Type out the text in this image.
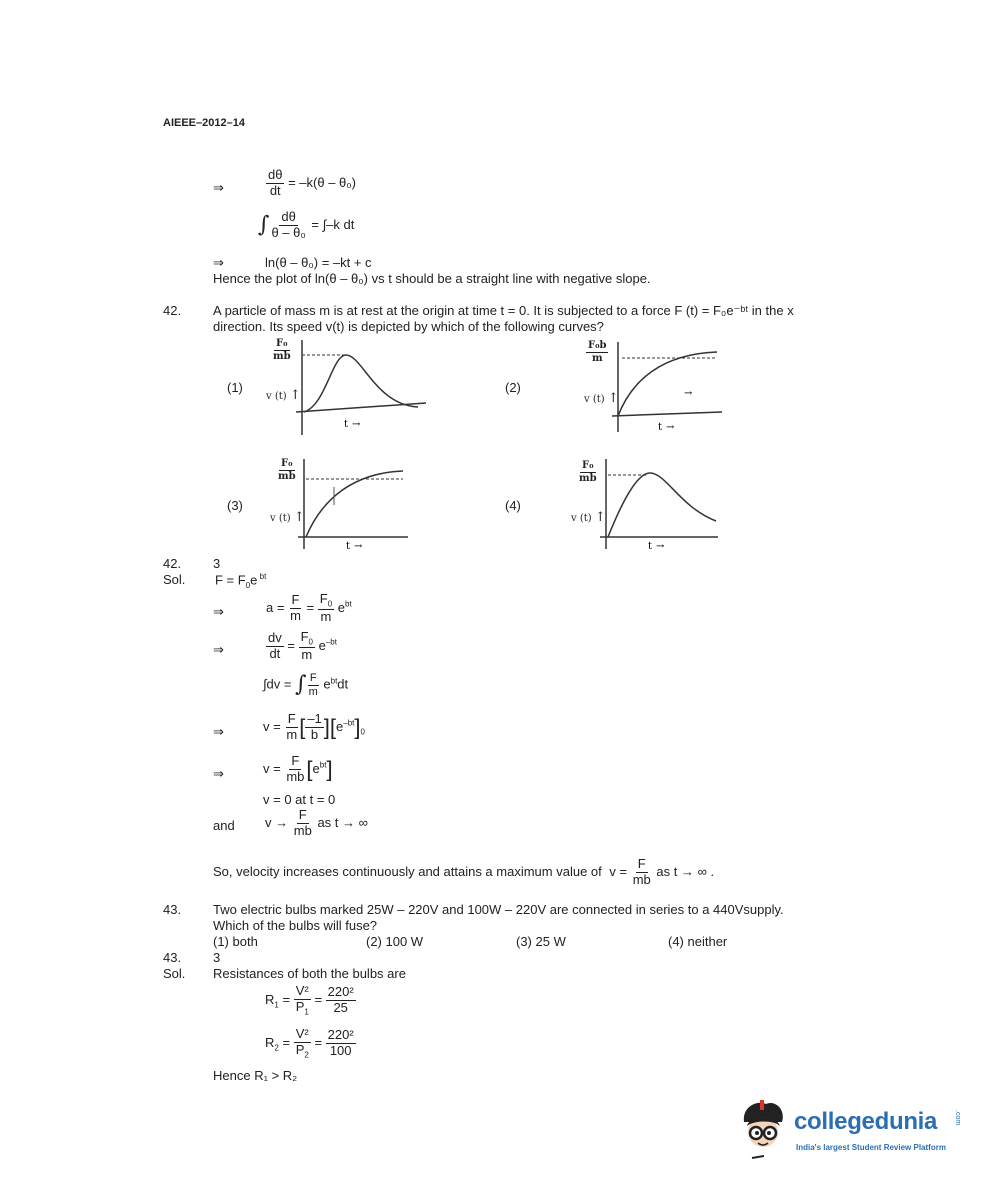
AIEEE–2012–14
⇒	$\frac{d\theta}{dt} = -k(\theta - \theta_0)$
∫ $\frac{d\theta}{\text{θ – θ₀}} = \int-k$ dt
⇒	ln(θ – θ₀) = –kt + c
Hence the plot of ln(θ – θ₀) vs t should be a straight line with negative slope.
42. A particle of mass m is at rest at the origin at time t = 0. It is subjected to a force F (t) = F₀e⁻ᵇᵗ in the x
direction. Its speed v(t) is depicted by which of the following curves?
(1)
$\frac{\text{F₀}}{mb}$
v (t) ↑
t →
(2)
$\frac{\text{F₀b}}{m}$
v (t) ↑	→
t →
(3)
$\frac{\text{F₀}}{mb}$
v (t) ↑
t →
(4)
$\frac{\text{F₀}}{mb}$
v (t) ↑
t →
42. 3
Sol. $F = F_0e$ $^{bt}$
⇒	$a = \frac{F}{m} = \frac{F_0}{m} e^{bt}$
⇒	$\frac{dv}{dt} = \frac{F_0}{m} e^{-bt}$
∫dv = ∫ $\frac{F}{m} e^{bt}dt$
⇒	$v = \frac{F}{m}$ [ $\frac{-1}{b} ][e^{-bt}]_0$
⇒	$v = \frac{F}{mb} [e^{bt}]$
v = 0 at t = 0
and $v \to \frac{F}{mb}$ as t → ∞
So, velocity increases continuously and attains a maximum value of $v = \frac{F}{mb}$ as t → ∞ .
43. Two electric bulbs marked 25W – 220V and 100W – 220V are connected in series to a 440Vsupply.
Which of the bulbs will fuse?
(1) both	(2) 100 W	(3) 25 W	(4) neither
43. 3
Sol. Resistances of both the bulbs are
$R_1 = \frac{\text{V²}}{P_1} = \frac{\text{220²}}{25}$
$R_2 = \frac{\text{V²}}{P_2} = \frac{\text{220²}}{100}$
Hence R₁ > R₂
collegedunia .com
India's largest Student Review Platform
